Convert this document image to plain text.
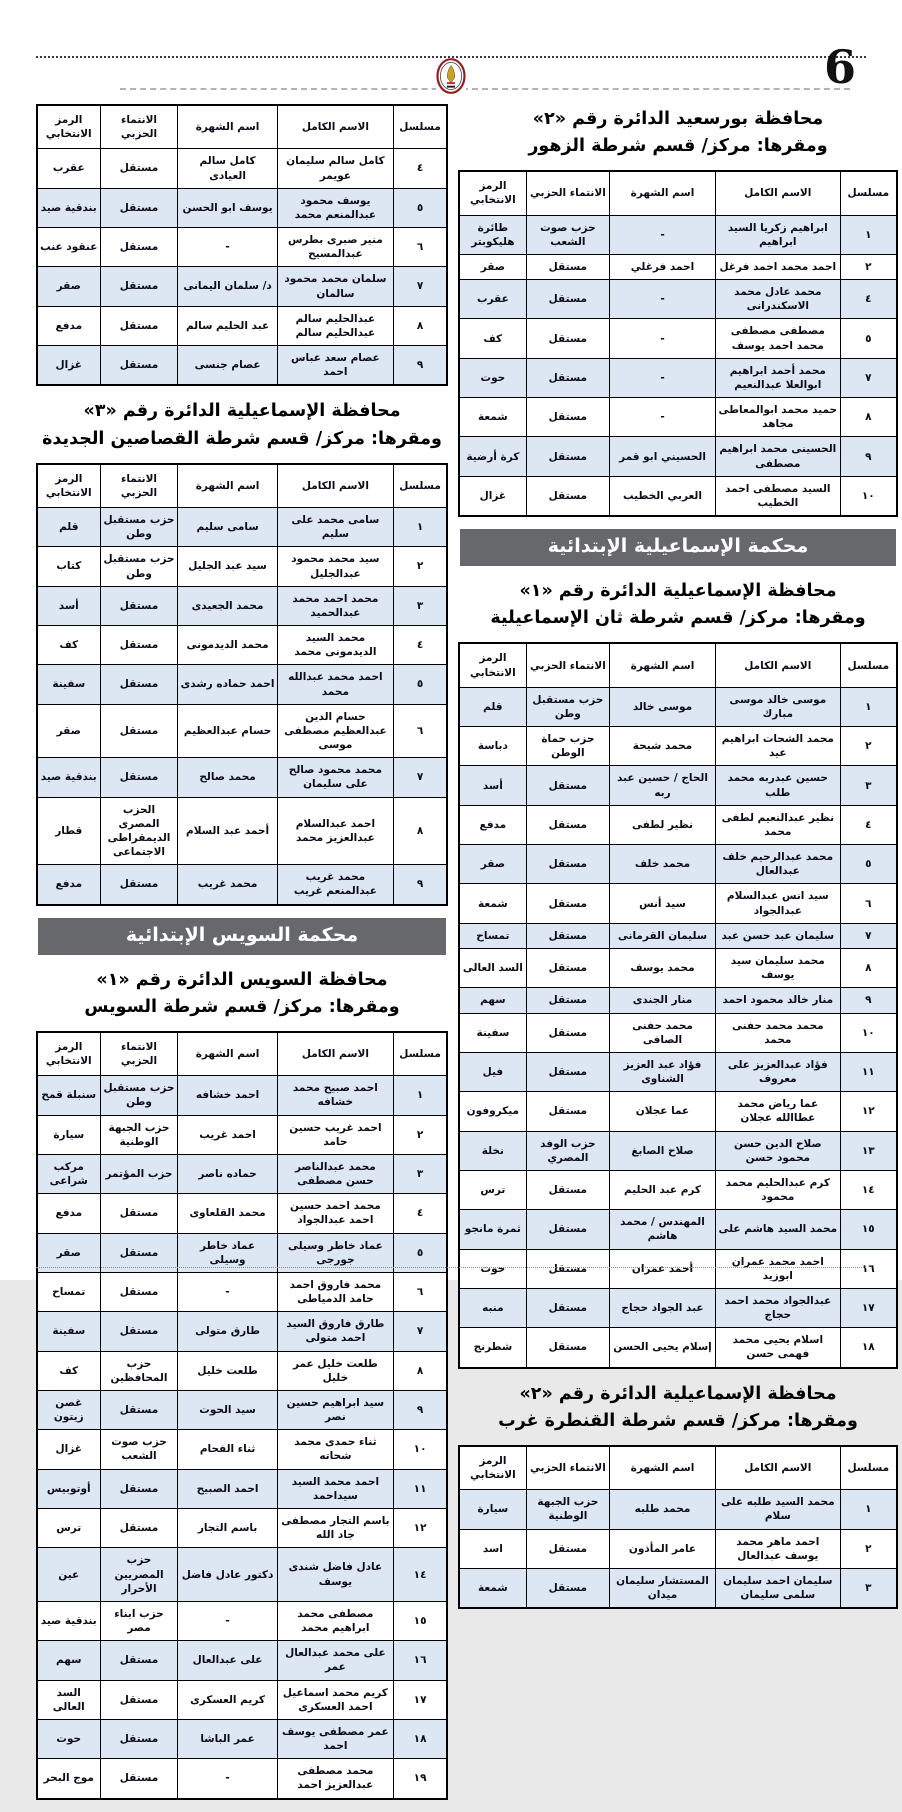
6
محافظة بورسعيد الدائرة رقم «٢»
ومقرها: مركز/ قسم شرطة الزهور
مسلسل	الاسم الكامل	اسم الشهرة	الانتماء الحزبي	الرمز الانتخابي
١	ابراهيم زكريا السيد ابراهيم	-	حزب صوت الشعب	طائرة هليكوبتر
٢	احمد محمد احمد فرغل	احمد فرغلي	مستقل	صقر
٤	محمد عادل محمد الاسكندرانى	-	مستقل	عقرب
٥	مصطفى مصطفى محمد احمد يوسف	-	مستقل	كف
٧	محمد أحمد ابراهيم ابوالعلا عبدالنعيم	-	مستقل	حوت
٨	حميد محمد ابوالمعاطى مجاهد	-	مستقل	شمعة
٩	الحسينى محمد ابراهيم مصطفى	الحسيني ابو قمر	مستقل	كرة أرضية
١٠	السيد مصطفى احمد الخطيب	العربي الخطيب	مستقل	غزال
محكمة الإسماعيلية الإبتدائية
محافظة الإسماعيلية الدائرة رقم «١»
ومقرها: مركز/ قسم شرطة ثان الإسماعيلية
مسلسل	الاسم الكامل	اسم الشهرة	الانتماء الحزبي	الرمز الانتخابي
١	موسى خالد موسى مبارك	موسى خالد	حزب مستقبل وطن	قلم
٢	محمد الشحات ابراهيم عيد	محمد شيحة	حزب حماة الوطن	دباسة
٣	حسين عبدربه محمد طلب	الحاج / حسين عبد ربه	مستقل	أسد
٤	نظير عبدالنعيم لطفى محمد	نظير لطفى	مستقل	مدفع
٥	محمد عبدالرحيم خلف عبدالعال	محمد خلف	مستقل	صقر
٦	سيد انس عبدالسلام عبدالجواد	سيد أنس	مستقل	شمعة
٧	سليمان عبد حسن عبد	سليمان القرمانى	مستقل	تمساح
٨	محمد سليمان سيد يوسف	محمد يوسف	مستقل	السد العالى
٩	منار خالد محمود احمد	منار الجندى	مستقل	سهم
١٠	محمد محمد حفنى محمد	محمد حفنى الصافى	مستقل	سفينة
١١	فؤاد عبدالعزيز على معروف	فؤاد عبد العزيز الشناوى	مستقل	فيل
١٢	عما رياض محمد عطاالله عجلان	عما عجلان	مستقل	ميكروفون
١٣	صلاح الدين حسن محمود حسن	صلاح الصابغ	حزب الوفد المصري	نخلة
١٤	كرم عبدالحليم محمد محمود	كرم عبد الحليم	مستقل	ترس
١٥	محمد السيد هاشم على	المهندس / محمد هاشم	مستقل	ثمرة مانجو
١٦	احمد محمد عمران ابوزيد	أحمد عمران	مستقل	حوت
١٧	عبدالجواد محمد احمد حجاج	عبد الجواد حجاج	مستقل	منبه
١٨	اسلام يحيى محمد فهمى حسن	إسلام يحيى الحسن	مستقل	شطرنج
محافظة الإسماعيلية الدائرة رقم «٢»
ومقرها: مركز/ قسم شرطة القنطرة غرب
مسلسل	الاسم الكامل	اسم الشهرة	الانتماء الحزبي	الرمز الانتخابي
١	محمد السيد طلبه على سلام	محمد طلبه	حزب الجبهة الوطنية	سيارة
٢	احمد ماهر محمد يوسف عبدالعال	عامر المأذون	مستقل	اسد
٣	سليمان احمد سليمان سلمى سليمان	المستشار سليمان ميدان	مستقل	شمعة
مسلسل	الاسم الكامل	اسم الشهرة	الانتماء الحزبي	الرمز الانتخابي
٤	كامل سالم سليمان عويمر	كامل سالم العيادى	مستقل	عقرب
٥	يوسف محمود عبدالمنعم محمد	يوسف ابو الحسن	مستقل	بندقية صيد
٦	منير صبرى بطرس عبدالمسيح	-	مستقل	عنقود عنب
٧	سلمان محمد محمود سالمان	د/ سلمان اليمانى	مستقل	صقر
٨	عبدالحليم سالم عبدالحليم سالم	عبد الحليم سالم	مستقل	مدفع
٩	عصام سعد عباس احمد	عصام جنسى	مستقل	غزال
محافظة الإسماعيلية الدائرة رقم «٣»
ومقرها: مركز/ قسم شرطة القصاصين الجديدة
مسلسل	الاسم الكامل	اسم الشهرة	الانتماء الحزبي	الرمز الانتخابي
١	سامى محمد على سليم	سامى سليم	حزب مستقبل وطن	قلم
٢	سيد محمد محمود عبدالجليل	سيد عبد الجليل	حزب مستقبل وطن	كتاب
٣	محمد احمد محمد عبدالحميد	محمد الجعيدى	مستقل	أسد
٤	محمد السيد الديدمونى محمد	محمد الديدمونى	مستقل	كف
٥	احمد محمد عبدالله محمد	احمد حماده رشدى	مستقل	سفينة
٦	حسام الدين عبدالعظيم مصطفى موسى	حسام عبدالعظيم	مستقل	صقر
٧	محمد محمود صالح على سليمان	محمد صالح	مستقل	بندقية صيد
٨	احمد عبدالسلام عبدالعزيز محمد	أحمد عبد السلام	الحزب المصرى الديمقراطى الاجتماعى	قطار
٩	محمد غريب عبدالمنعم غريب	محمد غريب	مستقل	مدفع
محكمة السويس الإبتدائية
محافظة السويس الدائرة رقم «١»
ومقرها: مركز/ قسم شرطة السويس
مسلسل	الاسم الكامل	اسم الشهرة	الانتماء الحزبي	الرمز الانتخابي
١	احمد صبيح محمد خشافه	احمد خشافه	حزب مستقبل وطن	سنبلة قمح
٢	احمد غريب حسين حامد	احمد غريب	حزب الجبهة الوطنية	سيارة
٣	محمد عبدالناصر حسن مصطفى	حماده ناصر	حزب المؤتمر	مركب شراعى
٤	محمد احمد حسين احمد عبدالجواد	محمد القلعاوى	مستقل	مدفع
٥	عماد خاطر وسيلى جورجى	عماد خاطر وسيلى	مستقل	صقر
٦	محمد فاروق احمد حامد الدمياطى	-	مستقل	تمساح
٧	طارق فاروق السيد احمد متولى	طارق متولى	مستقل	سفينة
٨	طلعت خليل عمر خليل	طلعت خليل	حزب المحافظين	كف
٩	سيد ابراهيم حسين نصر	سيد الحوت	مستقل	غصن زيتون
١٠	ثناء حمدى محمد شحاته	ثناء الفحام	حزب صوت الشعب	غزال
١١	احمد محمد السيد سيداحمد	احمد الصبيح	مستقل	أوتوبيس
١٢	باسم التجار مصطفى جاد الله	باسم التجار	مستقل	ترس
١٤	عادل فاضل شندى يوسف	دكتور عادل فاضل	حزب المصريين الأحرار	عين
١٥	مصطفى محمد ابراهيم محمد	-	حزب ابناء مصر	بندقية صيد
١٦	على محمد عبدالعال عمر	على عبدالعال	مستقل	سهم
١٧	كريم محمد اسماعيل احمد العسكرى	كريم العسكرى	مستقل	السد العالى
١٨	عمر مصطفى يوسف احمد	عمر الباشا	مستقل	حوت
١٩	محمد مصطفى عبدالعزيز احمد	-	مستقل	موج البحر
